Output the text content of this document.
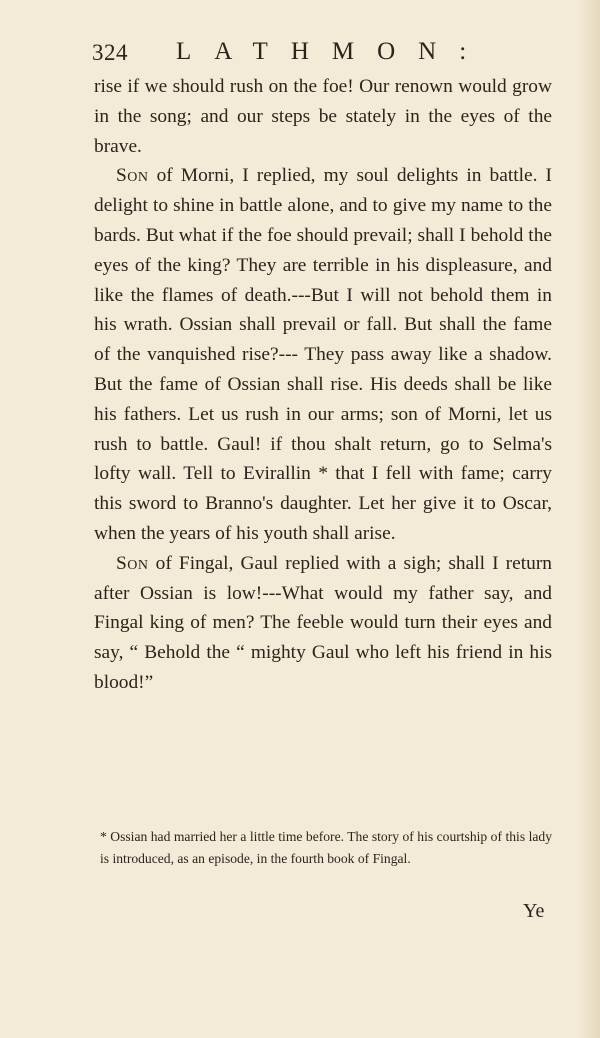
324 LATHMON:

rise if we should rush on the foe! Our renown would grow in the song; and our steps be stately in the eyes of the brave.

Son of Morni, I replied, my soul delights in battle. I delight to shine in battle alone, and to give my name to the bards. But what if the foe should prevail; shall I behold the eyes of the king? They are terrible in his displeasure, and like the flames of death.---But I will not behold them in his wrath. Ossian shall prevail or fall. But shall the fame of the vanquished rise?--- They pass away like a shadow. But the fame of Ossian shall rise. His deeds shall be like his fathers. Let us rush in our arms; son of Morni, let us rush to battle. Gaul! if thou shalt return, go to Selma's lofty wall. Tell to Evirallin * that I fell with fame; carry this sword to Branno's daughter. Let her give it to Oscar, when the years of his youth shall arise.

Son of Fingal, Gaul replied with a sigh; shall I return after Ossian is low!---What would my father say, and Fingal king of men? The feeble would turn their eyes and say, “ Behold the “ mighty Gaul who left his friend in his blood!”

* Ossian had married her a little time before. The story of his courtship of this lady is introduced, as an episode, in the fourth book of Fingal.

Ye
